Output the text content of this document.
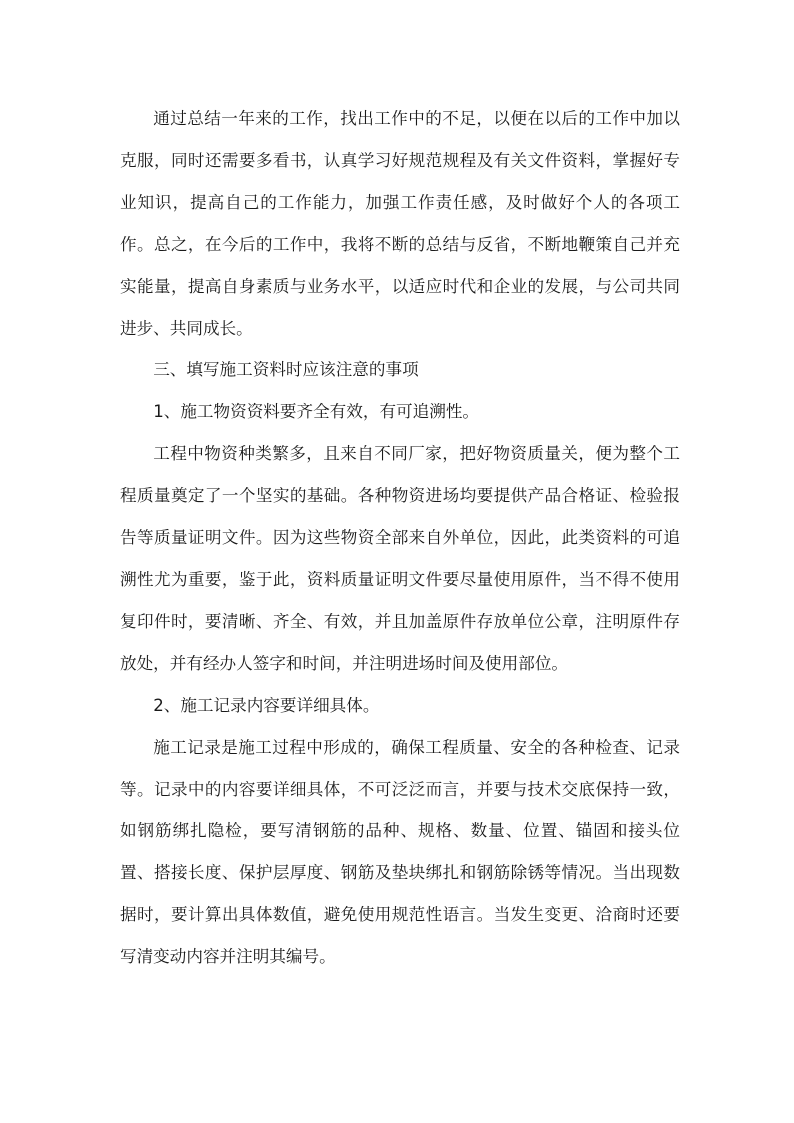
通过总结一年来的工作，找出工作中的不足，以便在以后的工作中加以克服，同时还需要多看书，认真学习好规范规程及有关文件资料，掌握好专业知识，提高自己的工作能力，加强工作责任感，及时做好个人的各项工作。总之，在今后的工作中，我将不断的总结与反省，不断地鞭策自己并充实能量，提高自身素质与业务水平，以适应时代和企业的发展，与公司共同进步、共同成长。

三、填写施工资料时应该注意的事项

1、施工物资资料要齐全有效，有可追溯性。

工程中物资种类繁多，且来自不同厂家，把好物资质量关，便为整个工程质量奠定了一个坚实的基础。各种物资进场均要提供产品合格证、检验报告等质量证明文件。因为这些物资全部来自外单位，因此，此类资料的可追溯性尤为重要，鉴于此，资料质量证明文件要尽量使用原件，当不得不使用复印件时，要清晰、齐全、有效，并且加盖原件存放单位公章，注明原件存放处，并有经办人签字和时间，并注明进场时间及使用部位。

2、施工记录内容要详细具体。

施工记录是施工过程中形成的，确保工程质量、安全的各种检查、记录等。记录中的内容要详细具体，不可泛泛而言，并要与技术交底保持一致，如钢筋绑扎隐检，要写清钢筋的品种、规格、数量、位置、锚固和接头位置、搭接长度、保护层厚度、钢筋及垫块绑扎和钢筋除锈等情况。当出现数据时，要计算出具体数值，避免使用规范性语言。当发生变更、洽商时还要写清变动内容并注明其编号。
